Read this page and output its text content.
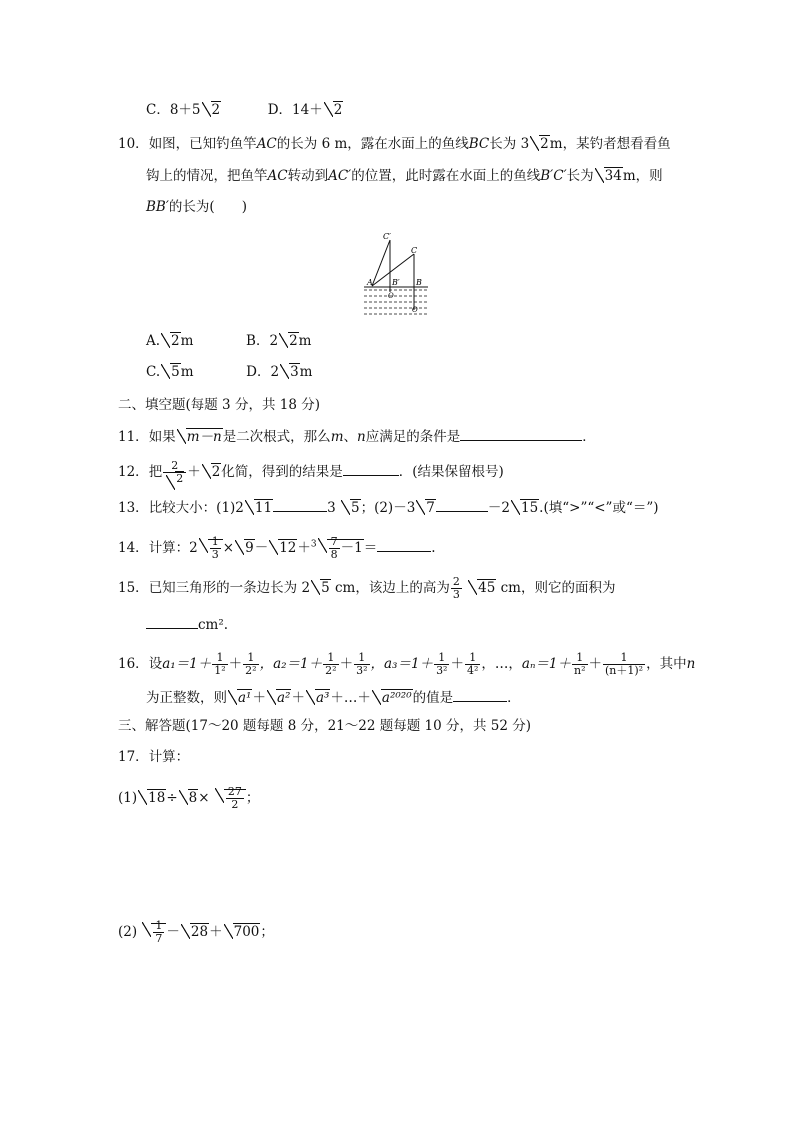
C．8＋5 2	D．14＋ 2
10．如图，已知钓鱼竿AC的长为 6 m，露在水面上的鱼线BC长为 3 2m，某钓者想看看鱼
钩上的情况，把鱼竿AC转动到AC′的位置，此时露在水面上的鱼线B′C′长为 34m，则
BB′的长为(　　)
C′
C
A B′ B
O
O
A. 2m	B．2 2m
C. 5m	D．2 3m
二、填空题(每题 3 分，共 18 分)
11．如果 m－n是二次根式，那么m、n应满足的条件是	．
12．把 $\frac{2}{2} + 2$化简，得到的结果是	．(结果保留根号)
13．比较大小：(1)2 11	3 5；(2)－3 7	－2 15.(填“>”“<”或“＝”)
14．计算：$2 \frac{1}{3} \times 9- 12+^3 \frac{7}{8} -1=$	.
15．已知三角形的一条边长为 2 5 cm，该边上的高为 $\frac{2}{3} 45$ cm，则它的面积为
cm².
16．设$a_1=1+ \frac{1}{\text{1²}} + \frac{1}{\text{2²}}$ ，$a_2=1+ \frac{1}{\text{2²}} + \frac{1}{\text{3²}}$ ，$a_3=1+ \frac{1}{\text{3²}} + \frac{1}{\text{4²}}$ ，…，$a_n=1+ \frac{1}{\text{n²}} + \frac{1}{\text{(n＋1)²}}$ ，其中n
为正整数，则 a¹＋ a²＋ a³＋…＋ a²⁰²⁰的值是	．
三、解答题(17～20 题每题 8 分，21～22 题每题 10 分，共 52 分)
17．计算：
(1) $18\div 8\times \frac{27}{2}$ ；
$(2) \frac{1}{7} - 28+ 700$；
